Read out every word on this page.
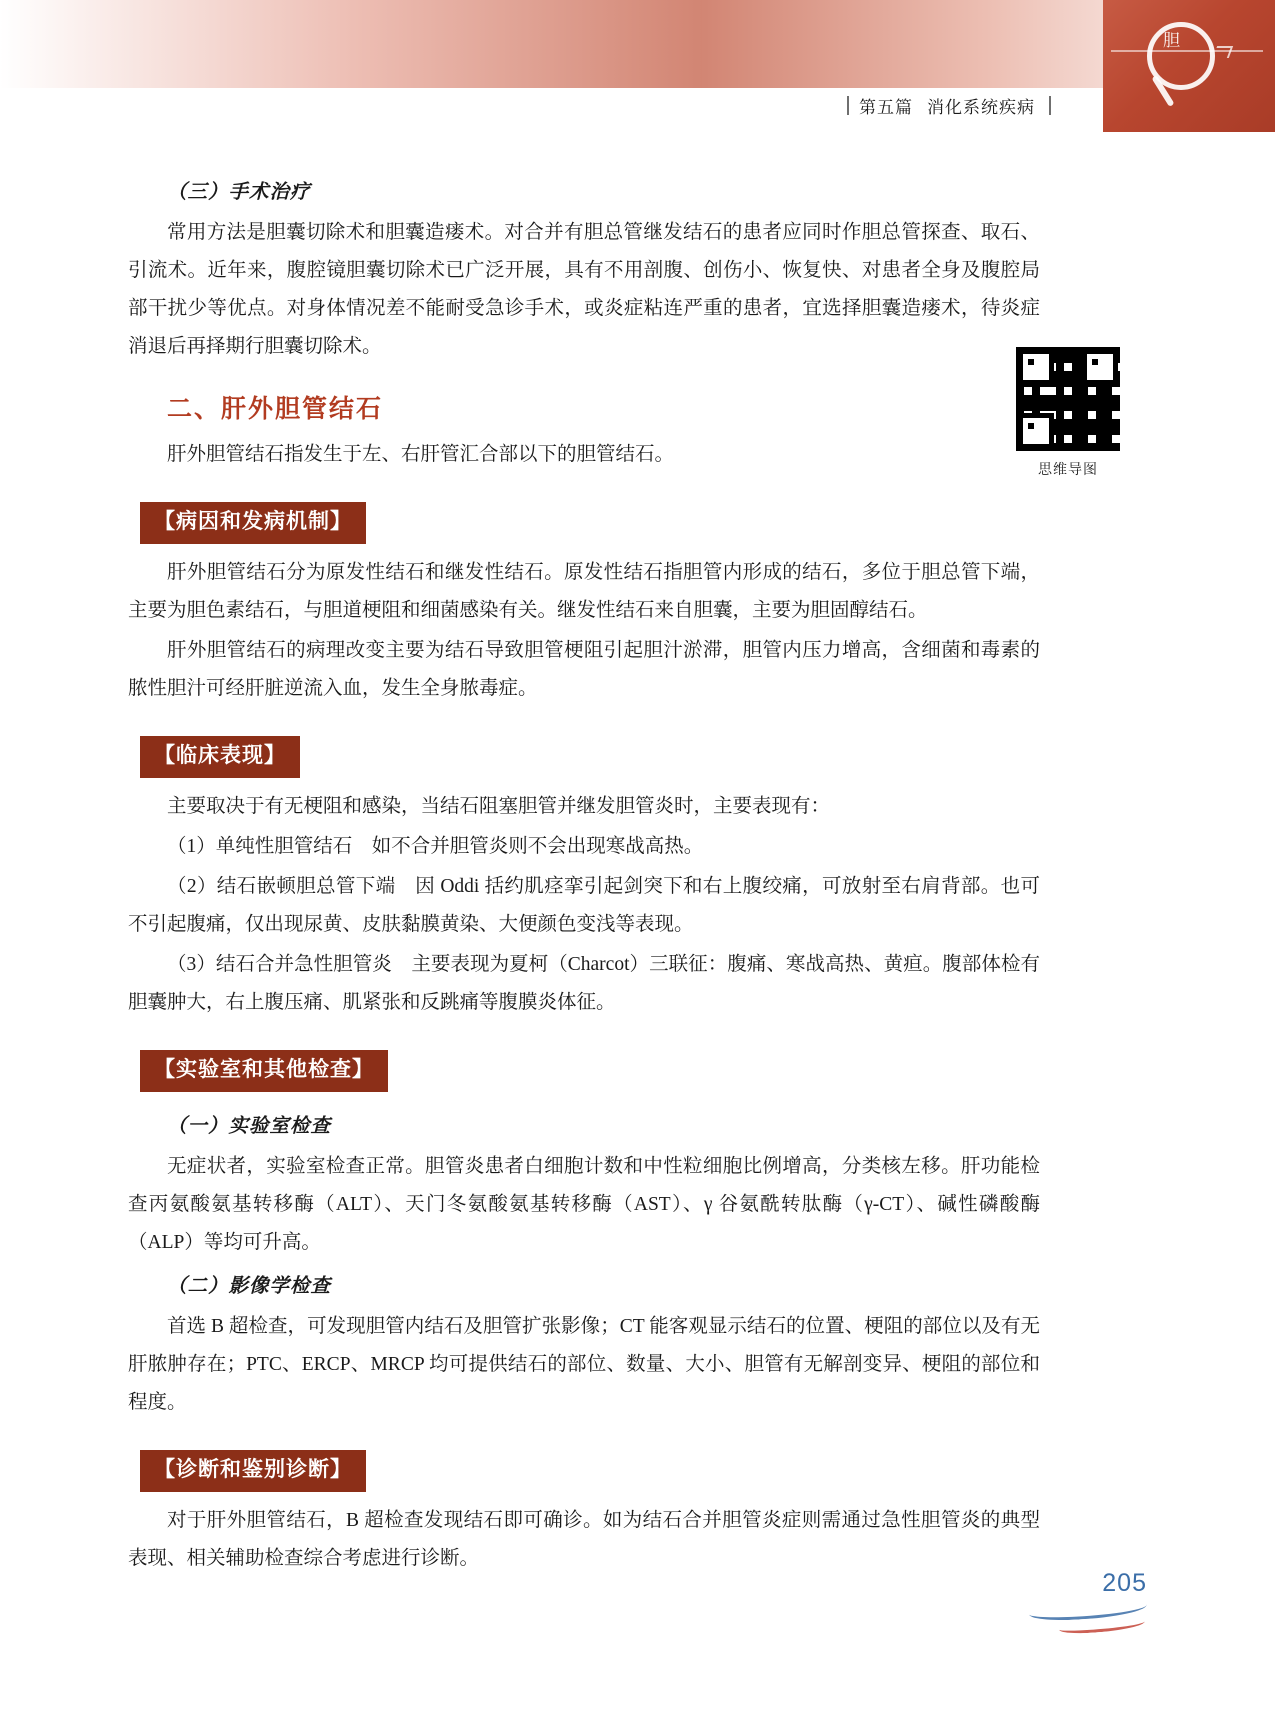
胆
第五篇 消化系统疾病
思维导图
（三）手术治疗

常用方法是胆囊切除术和胆囊造瘘术。对合并有胆总管继发结石的患者应同时作胆总管探查、取石、引流术。近年来，腹腔镜胆囊切除术已广泛开展，具有不用剖腹、创伤小、恢复快、对患者全身及腹腔局部干扰少等优点。对身体情况差不能耐受急诊手术，或炎症粘连严重的患者，宜选择胆囊造瘘术，待炎症消退后再择期行胆囊切除术。

二、肝外胆管结石

肝外胆管结石指发生于左、右肝管汇合部以下的胆管结石。

【病因和发病机制】

肝外胆管结石分为原发性结石和继发性结石。原发性结石指胆管内形成的结石，多位于胆总管下端，主要为胆色素结石，与胆道梗阻和细菌感染有关。继发性结石来自胆囊，主要为胆固醇结石。

肝外胆管结石的病理改变主要为结石导致胆管梗阻引起胆汁淤滞，胆管内压力增高，含细菌和毒素的脓性胆汁可经肝脏逆流入血，发生全身脓毒症。

【临床表现】

主要取决于有无梗阻和感染，当结石阻塞胆管并继发胆管炎时，主要表现有：

（1）单纯性胆管结石　如不合并胆管炎则不会出现寒战高热。

（2）结石嵌顿胆总管下端　因 Oddi 括约肌痉挛引起剑突下和右上腹绞痛，可放射至右肩背部。也可不引起腹痛，仅出现尿黄、皮肤黏膜黄染、大便颜色变浅等表现。

（3）结石合并急性胆管炎　主要表现为夏柯（Charcot）三联征：腹痛、寒战高热、黄疸。腹部体检有胆囊肿大，右上腹压痛、肌紧张和反跳痛等腹膜炎体征。

【实验室和其他检查】
（一）实验室检查

无症状者，实验室检查正常。胆管炎患者白细胞计数和中性粒细胞比例增高，分类核左移。肝功能检查丙氨酸氨基转移酶（ALT）、天门冬氨酸氨基转移酶（AST）、γ 谷氨酰转肽酶（γ‑CT）、碱性磷酸酶（ALP）等均可升高。

（二）影像学检查

首选 B 超检查，可发现胆管内结石及胆管扩张影像；CT 能客观显示结石的位置、梗阻的部位以及有无肝脓肿存在；PTC、ERCP、MRCP 均可提供结石的部位、数量、大小、胆管有无解剖变异、梗阻的部位和程度。

【诊断和鉴别诊断】

对于肝外胆管结石，B 超检查发现结石即可确诊。如为结石合并胆管炎症则需通过急性胆管炎的典型表现、相关辅助检查综合考虑进行诊断。

205
